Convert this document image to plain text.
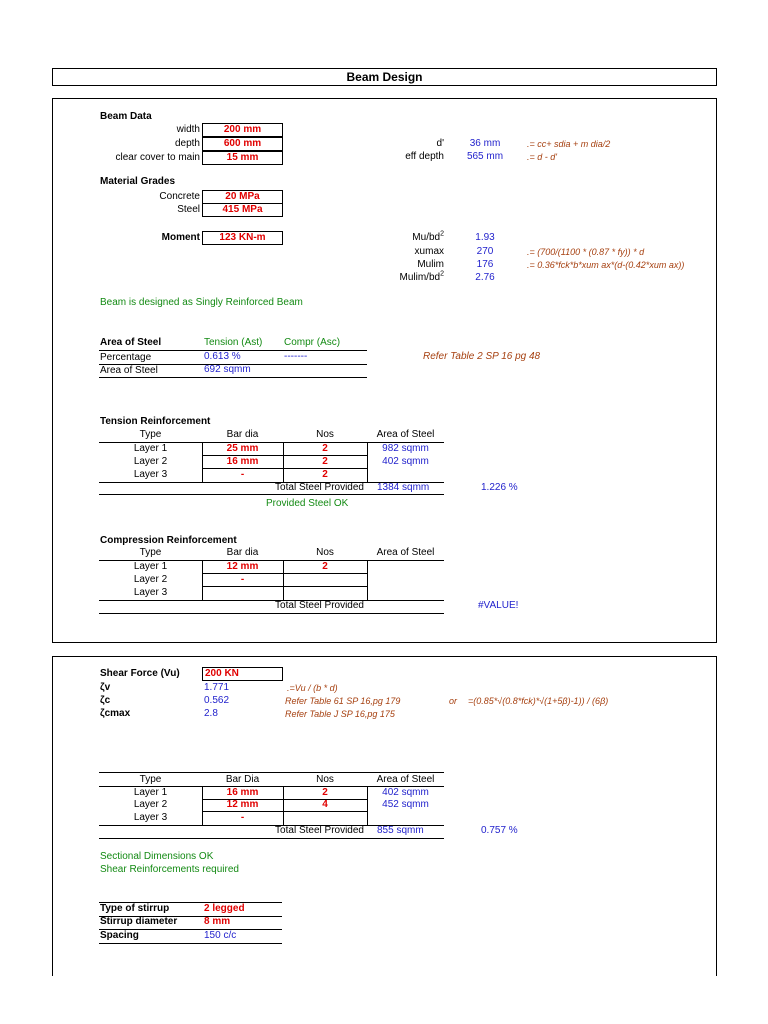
Beam Design
Beam Data
width	200 mm
depth	600 mm
clear cover to main	15 mm
d'	36 mm	.= cc+ sdia + m dia/2
eff depth	565 mm	.= d - d'
Material Grades
Concrete	20 MPa
Steel	415 MPa
Moment	123 KN-m	$Mu/bd^2$	1.93
xumax	270	.= (700/(1100 * (0.87 * fy)) * d
Mulim	176	.= 0.36*fck*b*xum ax*(d-(0.42*xum ax))
Mulim/$bd^2$	2.76
Beam is designed as Singly Reinforced Beam
Area of Steel	Tension (Ast) Compr (Asc)
Percentage	0.613 %	-------	Refer Table 2 SP 16 pg 48
Area of Steel	692 sqmm
Tension Reinforcement
Type	Bar dia	Nos	Area of Steel
Layer 1	25 mm	2	982 sqmm
Layer 2	16 mm	2	402 sqmm
Layer 3	-	2
Total Steel Provided 1384 sqmm	1.226 %
Provided Steel OK
Compression Reinforcement
Type	Bar dia	Nos	Area of Steel
Layer 1	12 mm	2
Layer 2	-
Layer 3
Total Steel Provided	#VALUE!
Shear Force (Vu)	200 KN
ζv	1.771	.=Vu / (b * d)
ζc	0.562	Refer Table 61 SP 16,pg 179	or =(0.85*√(0.8*fck)*√(1+5β)-1)) / (6β)
ζcmax	2.8	Refer Table J SP 16,pg 175
Type	Bar Dia	Nos	Area of Steel
Layer 1	16 mm	2	402 sqmm
Layer 2	12 mm	4	452 sqmm
Layer 3	-
Total Steel Provided 855 sqmm	0.757 %
Sectional Dimensions OK
Shear Reinforcements required
Type of stirrup	2 legged
Stirrup diameter	8 mm
Spacing	150 c/c
